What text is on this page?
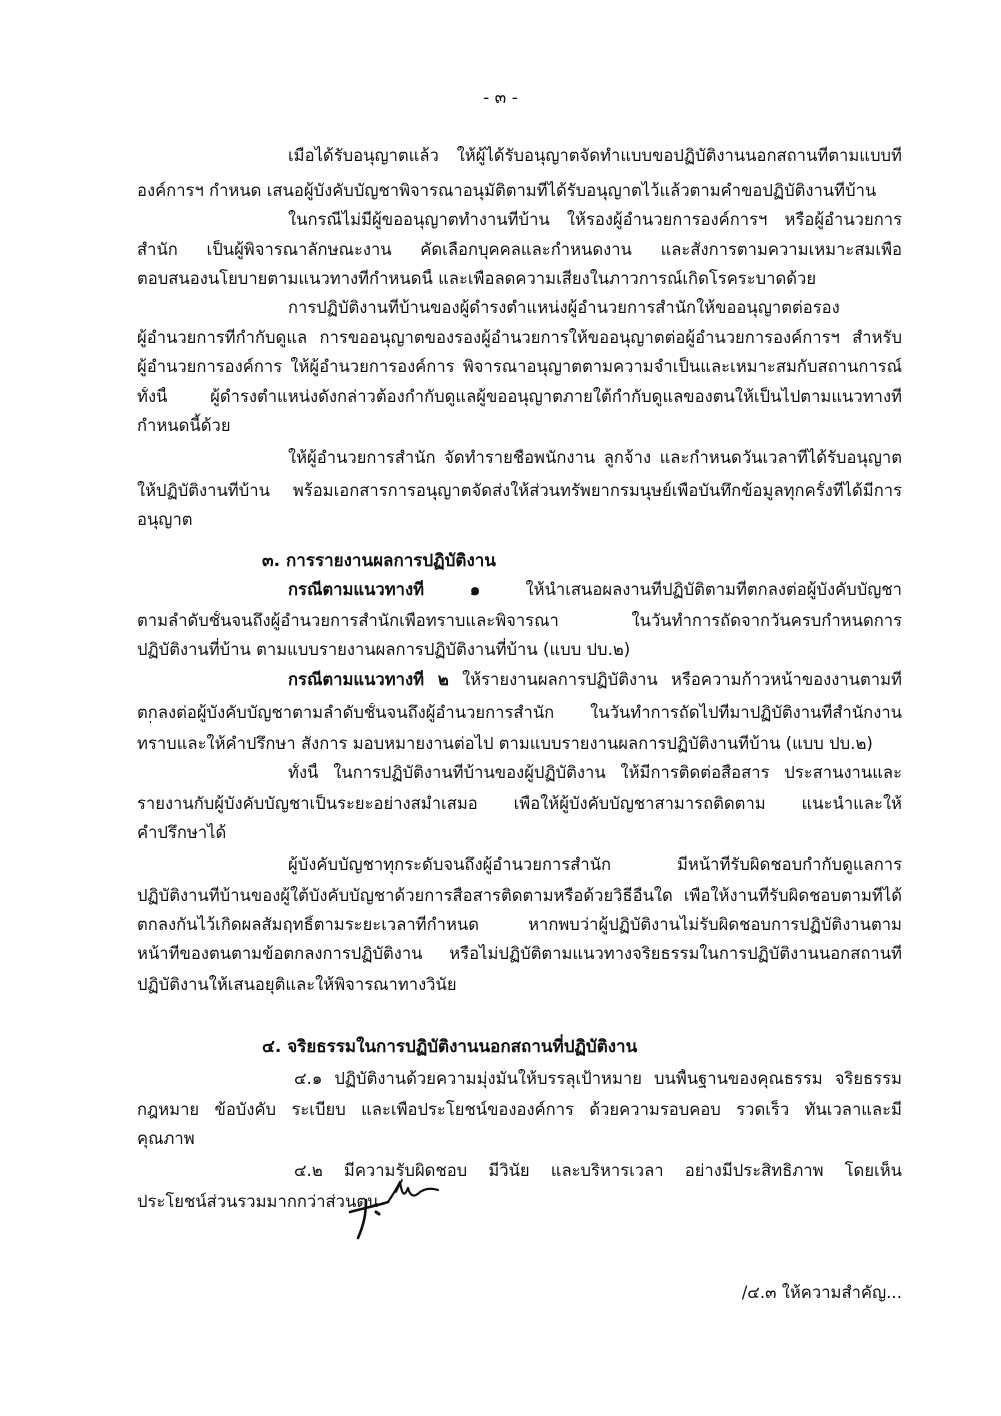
- ๓ -
เมื่อได้รับอนุญาตแล้ว ให้ผู้ได้รับอนุญาตจัดทำแบบขอปฏิบัติงานนอกสถานที่ตามแบบที่
องค์การฯ กำหนด เสนอผู้บังคับบัญชาพิจารณาอนุมัติตามที่ได้รับอนุญาตไว้แล้วตามคำขอปฏิบัติงานที่บ้าน
ในกรณีไม่มีผู้ขออนุญาตทำงานที่บ้าน ให้รองผู้อำนวยการองค์การฯ หรือผู้อำนวยการ
สำนัก เป็นผู้พิจารณาลักษณะงาน คัดเลือกบุคคลและกำหนดงาน และสั่งการตามความเหมาะสมเพื่อ
ตอบสนองนโยบายตามแนวทางที่กำหนดนี้ และเพื่อลดความเสี่ยงในภาวการณ์เกิดโรคระบาดด้วย
การปฏิบัติงานที่บ้านของผู้ดำรงตำแหน่งผู้อำนวยการสำนักให้ขออนุญาตต่อรอง
ผู้อำนวยการที่กำกับดูแล การขออนุญาตของรองผู้อำนวยการให้ขออนุญาตต่อผู้อำนวยการองค์การฯ สำหรับ
ผู้อำนวยการองค์การ ให้ผู้อำนวยการองค์การ พิจารณาอนุญาตตามความจำเป็นและเหมาะสมกับสถานการณ์
ทั้งนี้ ผู้ดำรงตำแหน่งดังกล่าวต้องกำกับดูแลผู้ขออนุญาตภายใต้กำกับดูแลของตนให้เป็นไปตามแนวทางที่
กำหนดนี้ด้วย
ให้ผู้อำนวยการสำนัก จัดทำรายชื่อพนักงาน ลูกจ้าง และกำหนดวันเวลาที่ได้รับอนุญาต
ให้ปฏิบัติงานที่บ้าน พร้อมเอกสารการอนุญาตจัดส่งให้ส่วนทรัพยากรมนุษย์เพื่อบันทึกข้อมูลทุกครั้งที่ได้มีการ
อนุญาต
๓. การรายงานผลการปฏิบัติงาน
กรณีตามแนวทางที่ ๑ ให้นำเสนอผลงานที่ปฏิบัติตามที่ตกลงต่อผู้บังคับบัญชา
ตามลำดับชั้นจนถึงผู้อำนวยการสำนักเพื่อทราบและพิจารณา ในวันทำการถัดจากวันครบกำหนดการ
ปฏิบัติงานที่บ้าน ตามแบบรายงานผลการปฏิบัติงานที่บ้าน (แบบ ปบ.๒)
กรณีตามแนวทางที่ ๒ ให้รายงานผลการปฏิบัติงาน หรือความก้าวหน้าของงานตามที่
ตกลงต่อผู้บังคับบัญชาตามลำดับชั้นจนถึงผู้อำนวยการสำนัก ในวันทำการถัดไปที่มาปฏิบัติงานที่สำนักงาน
ทราบและให้คำปรึกษา สั่งการ มอบหมายงานต่อไป ตามแบบรายงานผลการปฏิบัติงานที่บ้าน (แบบ ปบ.๒)
ทั้งนี้ ในการปฏิบัติงานที่บ้านของผู้ปฏิบัติงาน ให้มีการติดต่อสื่อสาร ประสานงานและ
รายงานกับผู้บังคับบัญชาเป็นระยะอย่างสม่ำเสมอ เพื่อให้ผู้บังคับบัญชาสามารถติดตาม แนะนำและให้
คำปรึกษาได้
ผู้บังคับบัญชาทุกระดับจนถึงผู้อำนวยการสำนัก มีหน้าที่รับผิดชอบกำกับดูแลการ
ปฏิบัติงานที่บ้านของผู้ใต้บังคับบัญชาด้วยการสื่อสารติดตามหรือด้วยวิธีอื่นใด เพื่อให้งานที่รับผิดชอบตามที่ได้
ตกลงกันไว้เกิดผลสัมฤทธิ์ตามระยะเวลาที่กำหนด หากพบว่าผู้ปฏิบัติงานไม่รับผิดชอบการปฏิบัติงานตาม
หน้าที่ของตนตามข้อตกลงการปฏิบัติงาน หรือไม่ปฏิบัติตามแนวทางจริยธรรมในการปฏิบัติงานนอกสถานที่
ปฏิบัติงานให้เสนอยุติและให้พิจารณาทางวินัย
๔. จริยธรรมในการปฏิบัติงานนอกสถานที่ปฏิบัติงาน
๔.๑ ปฏิบัติงานด้วยความมุ่งมั่นให้บรรลุเป้าหมาย บนพื้นฐานของคุณธรรม จริยธรรม
กฎหมาย ข้อบังคับ ระเบียบ และเพื่อประโยชน์ขององค์การ ด้วยความรอบคอบ รวดเร็ว ทันเวลาและมี
คุณภาพ
๔.๒ มีความรับผิดชอบ มีวินัย และบริหารเวลา อย่างมีประสิทธิภาพ โดยเห็น
ประโยชน์ส่วนรวมมากกว่าส่วนตน
/๔.๓ ให้ความสำคัญ...
